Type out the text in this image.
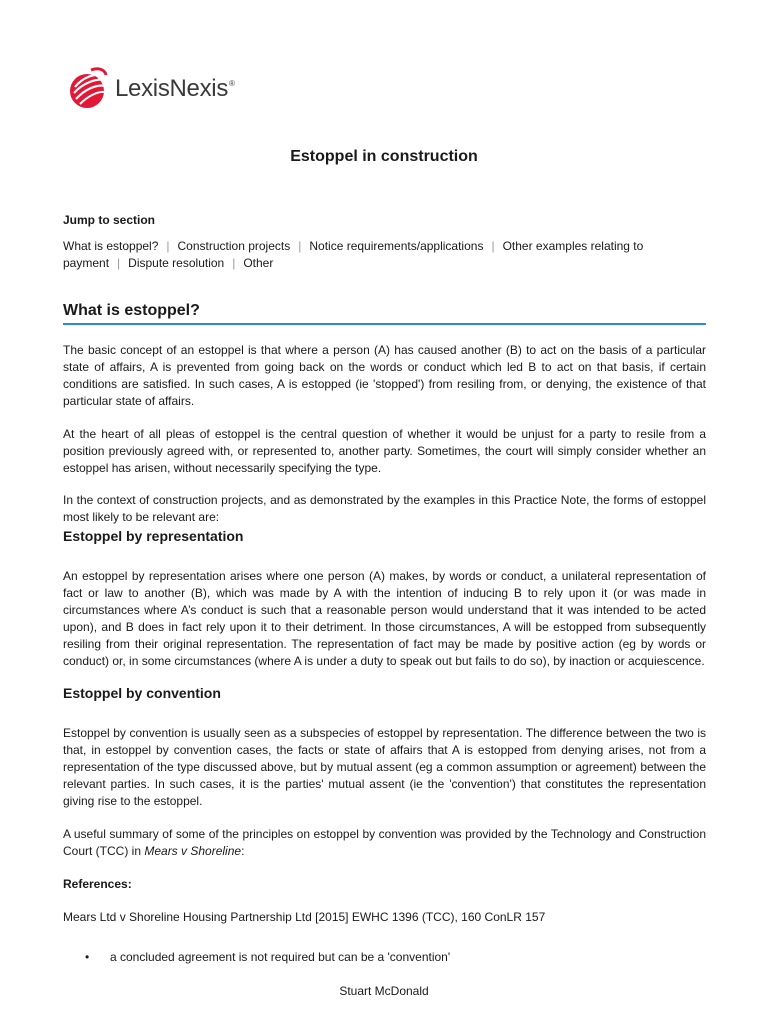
LexisNexis®
Estoppel in construction
Jump to section
What is estoppel? | Construction projects | Notice requirements/applications | Other examples relating to payment | Dispute resolution | Other
What is estoppel?
The basic concept of an estoppel is that where a person (A) has caused another (B) to act on the basis of a particular state of affairs, A is prevented from going back on the words or conduct which led B to act on that basis, if certain conditions are satisfied. In such cases, A is estopped (ie 'stopped') from resiling from, or denying, the existence of that particular state of affairs.
At the heart of all pleas of estoppel is the central question of whether it would be unjust for a party to resile from a position previously agreed with, or represented to, another party. Sometimes, the court will simply consider whether an estoppel has arisen, without necessarily specifying the type.
In the context of construction projects, and as demonstrated by the examples in this Practice Note, the forms of estoppel most likely to be relevant are:
Estoppel by representation
An estoppel by representation arises where one person (A) makes, by words or conduct, a unilateral representation of fact or law to another (B), which was made by A with the intention of inducing B to rely upon it (or was made in circumstances where A’s conduct is such that a reasonable person would understand that it was intended to be acted upon), and B does in fact rely upon it to their detriment. In those circumstances, A will be estopped from subsequently resiling from their original representation. The representation of fact may be made by positive action (eg by words or conduct) or, in some circumstances (where A is under a duty to speak out but fails to do so), by inaction or acquiescence.
Estoppel by convention
Estoppel by convention is usually seen as a subspecies of estoppel by representation. The difference between the two is that, in estoppel by convention cases, the facts or state of affairs that A is estopped from denying arises, not from a representation of the type discussed above, but by mutual assent (eg a common assumption or agreement) between the relevant parties. In such cases, it is the parties' mutual assent (ie the 'convention') that constitutes the representation giving rise to the estoppel.
A useful summary of some of the principles on estoppel by convention was provided by the Technology and Construction Court (TCC) in Mears v Shoreline:
References:
Mears Ltd v Shoreline Housing Partnership Ltd [2015] EWHC 1396 (TCC), 160 ConLR 157
•	a concluded agreement is not required but can be a 'convention'
Stuart McDonald
